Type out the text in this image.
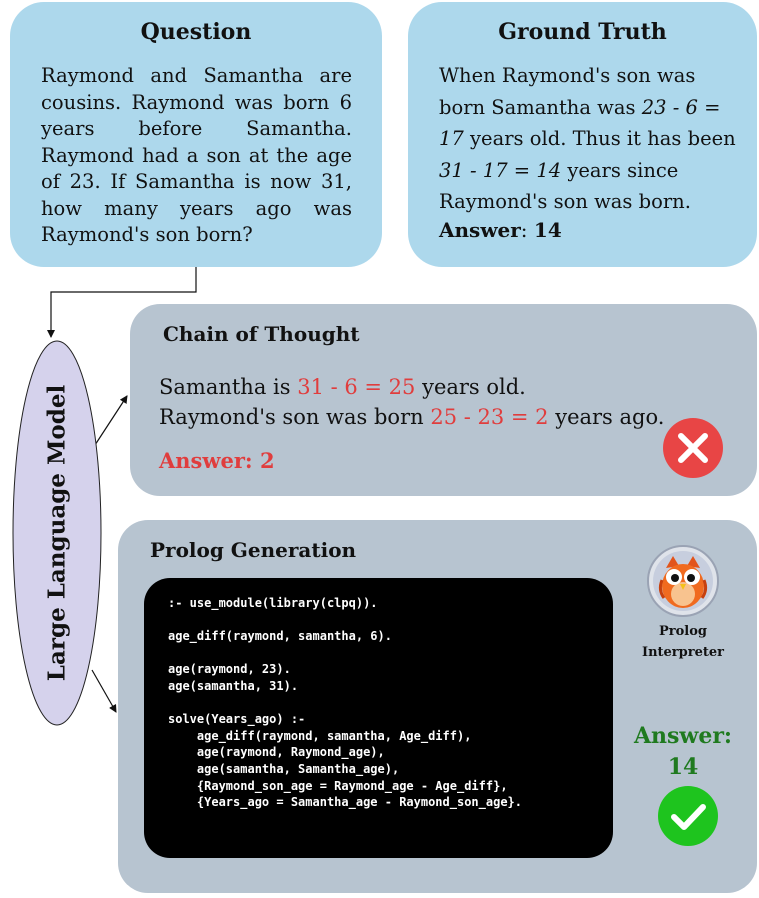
Question

Raymond and Samantha are cousins. Raymond was born 6 years before Samantha. Raymond had a son at the age of 23. If Samantha is now 31, how many years ago was Raymond's son born?

Ground Truth

When Raymond's son was born Samantha was 23 - 6 = 17 years old. Thus it has been 31 - 17 = 14 years since Raymond's son was born.

Answer: 14
Large Language Model
Chain of Thought
Samantha is 31 - 6 = 25 years old.
Raymond's son was born 25 - 23 = 2 years ago.
Answer: 2
Prolog Generation
:- use_module(library(clpq)).

age_diff(raymond, samantha, 6).

age(raymond, 23).
age(samantha, 31).

solve(Years_ago) :-
age_diff(raymond, samantha, Age_diff),
age(raymond, Raymond_age),
age(samantha, Samantha_age),
{Raymond_son_age = Raymond_age - Age_diff},
{Years_ago = Samantha_age - Raymond_son_age}.
Prolog
Interpreter
Answer:
14
